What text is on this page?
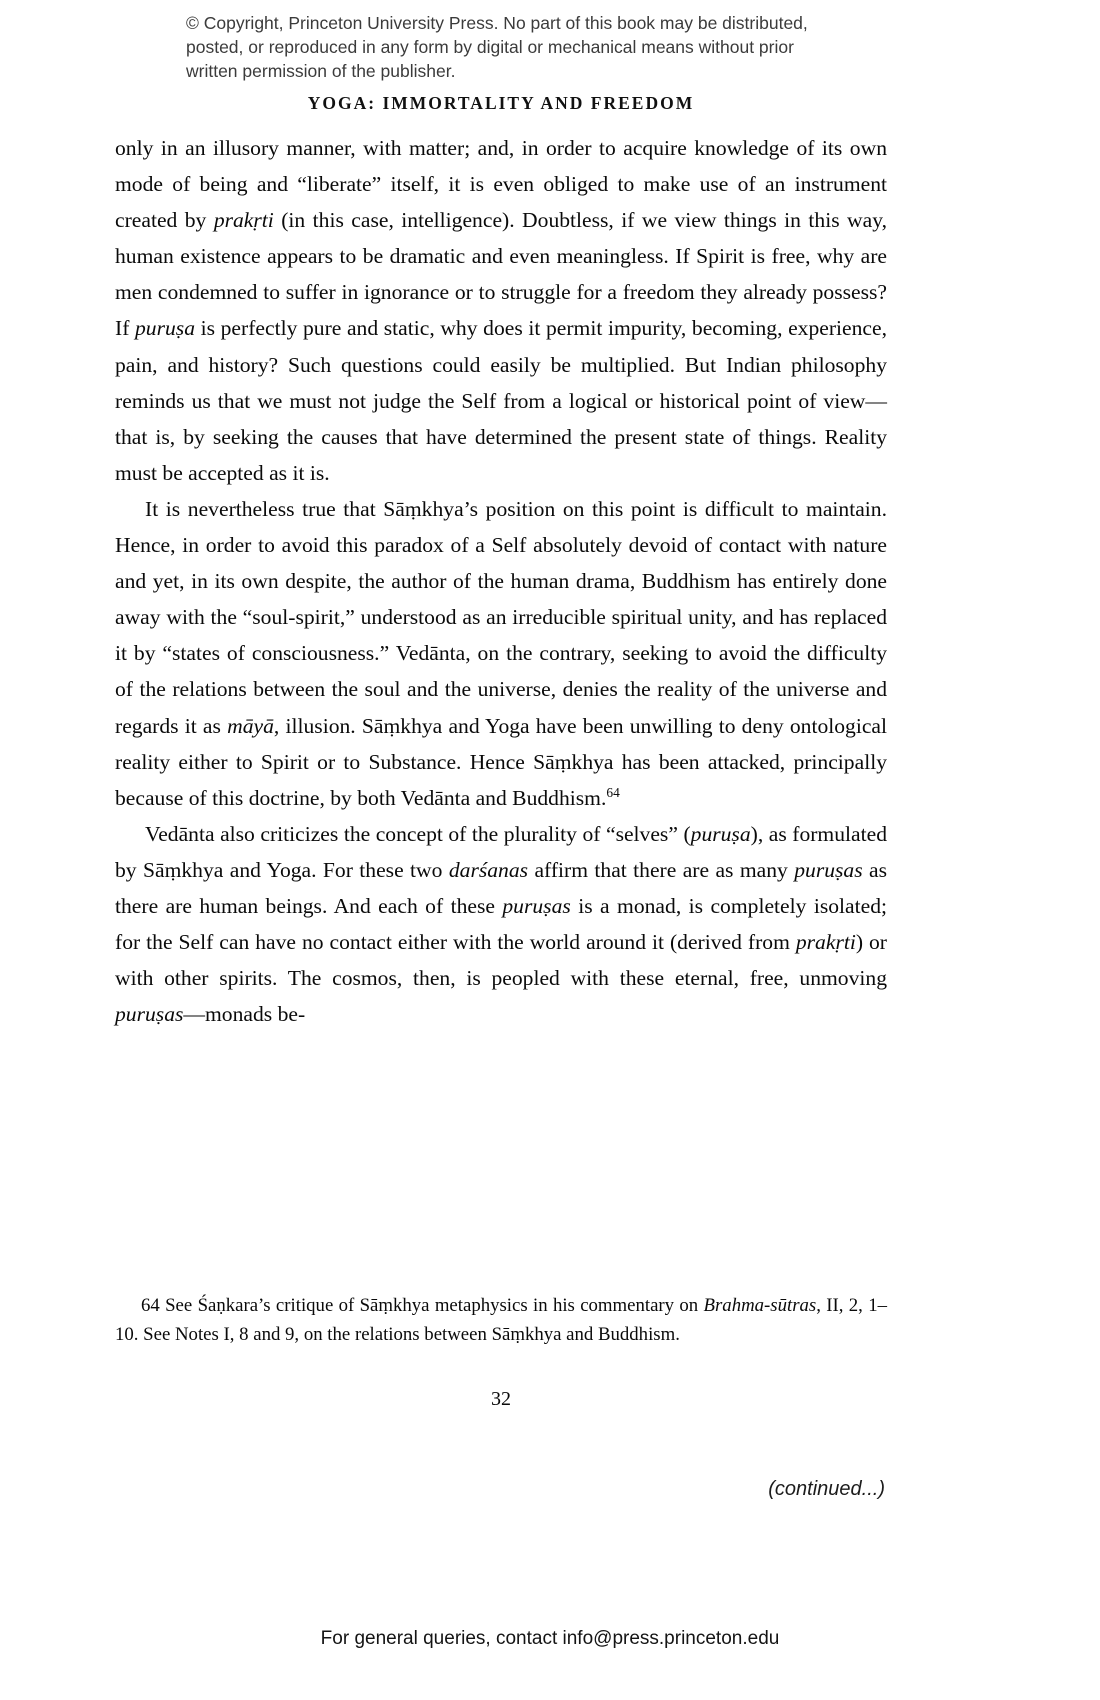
© Copyright, Princeton University Press. No part of this book may be distributed, posted, or reproduced in any form by digital or mechanical means without prior written permission of the publisher.
YOGA: IMMORTALITY AND FREEDOM

only in an illusory manner, with matter; and, in order to acquire knowledge of its own mode of being and “liberate” itself, it is even obliged to make use of an instrument created by prakṛti (in this case, intelligence). Doubtless, if we view things in this way, human existence appears to be dramatic and even meaningless. If Spirit is free, why are men condemned to suffer in ignorance or to struggle for a freedom they already possess? If puruṣa is perfectly pure and static, why does it permit impurity, becoming, experience, pain, and history? Such questions could easily be multiplied. But Indian philosophy reminds us that we must not judge the Self from a logical or historical point of view—that is, by seeking the causes that have determined the present state of things. Reality must be accepted as it is.

It is nevertheless true that Sāṃkhya’s position on this point is difficult to maintain. Hence, in order to avoid this paradox of a Self absolutely devoid of contact with nature and yet, in its own despite, the author of the human drama, Buddhism has entirely done away with the “soul-spirit,” understood as an irreducible spiritual unity, and has replaced it by “states of consciousness.” Vedānta, on the contrary, seeking to avoid the difficulty of the relations between the soul and the universe, denies the reality of the universe and regards it as māyā, illusion. Sāṃkhya and Yoga have been unwilling to deny ontological reality either to Spirit or to Substance. Hence Sāṃkhya has been attacked, principally because of this doctrine, by both Vedānta and Buddhism.$^{64}$

Vedānta also criticizes the concept of the plurality of “selves” (puruṣa), as formulated by Sāṃkhya and Yoga. For these two darśanas affirm that there are as many puruṣas as there are human beings. And each of these puruṣas is a monad, is completely isolated; for the Self can have no contact either with the world around it (derived from prakṛti) or with other spirits. The cosmos, then, is peopled with these eternal, free, unmoving puruṣas—monads be-

64 See Śaṇkara’s critique of Sāṃkhya metaphysics in his commentary on Brahma-sūtras, II, 2, 1–10. See Notes I, 8 and 9, on the relations between Sāṃkhya and Buddhism.
32
(continued...)
For general queries, contact info@press.princeton.edu
